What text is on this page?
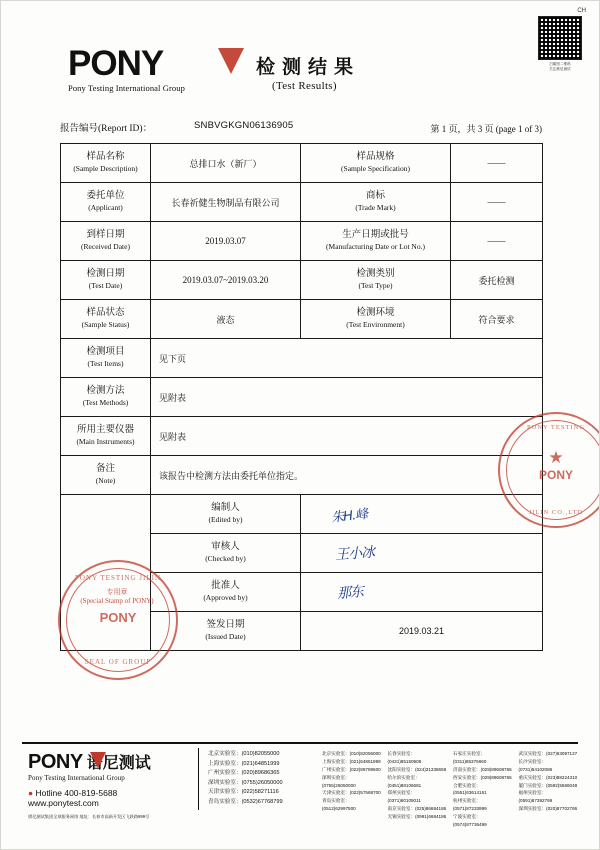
CH
扫描图二维码
关注港尼测试
PONY
Pony Testing International Group
检测结果
(Test Results)
报告编号(Report ID)：	SNBVGKGN06136905	第 1 页，共 3 页 (page 1 of 3)
样品名称
(Sample Description)	总排口水（新厂）	样品规格
(Sample Specification)	——

委托单位
(Applicant)	长春祈健生物制品有限公司	商标
(Trade Mark)	——

到样日期
(Received Date)	2019.03.07	生产日期或批号
(Manufacturing Date or Lot No.)	——

检测日期
(Test Date)	2019.03.07~2019.03.20	检测类别
(Test Type)	委托检测

样品状态
(Sample Status)	液态	检测环境
(Test Environment)	符合要求

检测项目
(Test Items)	见下页		

检测方法
(Test Methods)	见附表		

所用主要仪器
(Main Instruments)	见附表		

备注
(Note)	该报告中检测方法由委托单位指定。		

	编制人
(Edited by)	朱H.峰	

	审核人
(Checked by)	王小冰	

	批准人
(Approved by)	那东	

	签发日期
(Issued Date)	2019.03.21	
PONY TESTING JILIN
PONY
SEAL OF GROUP
PONY TESTING
★
PONY
JILIN CO.,LTD
专用章
(Special Stamp of PONY)
PONY 谱尼测试
Pony Testing International Group
● Hotline 400-819-5688    www.ponytest.com
北京实验室：(010)82055000
上海实验室：(021)64851999
广州实验室：(020)89686365
深圳实验室：(0755)26050000
天津实验室：(022)58271116
青岛实验室：(0532)67768799
北京实验室：(010)82055000
上海实验室：(021)64851999
广州实验室：(022)89789600
深圳实验室：(0755)26050000
天津实验室：(022)57568700
青岛实验室：(0512)62997500
长春实验室：(0431)85150908
沈阳实验室：(024)31338658
哈尔滨实验室：(0451)88106681
郑州实验室：(0371)60105011
南京实验室：(025)86684186
无锡实验室：(0991)6684186
石家庄实验室：(0311)85376660
济南实验室：(029)89608765
西安实验室：(029)89608765
合肥实验室：(0551)63614161
杭州实验室：(0571)87233999
宁波实验室：(0574)87736499
武汉实验室：(027)63097127
长沙实验室：(0731)84102086
重庆实验室：(023)88224310
厦门实验室：(0592)5566048
福州实验室：(0591)87392769
深圳实验室：(020)87702766
谱尼测试集团全球服务网络 地址：长春市高新开发区飞跃路999号
